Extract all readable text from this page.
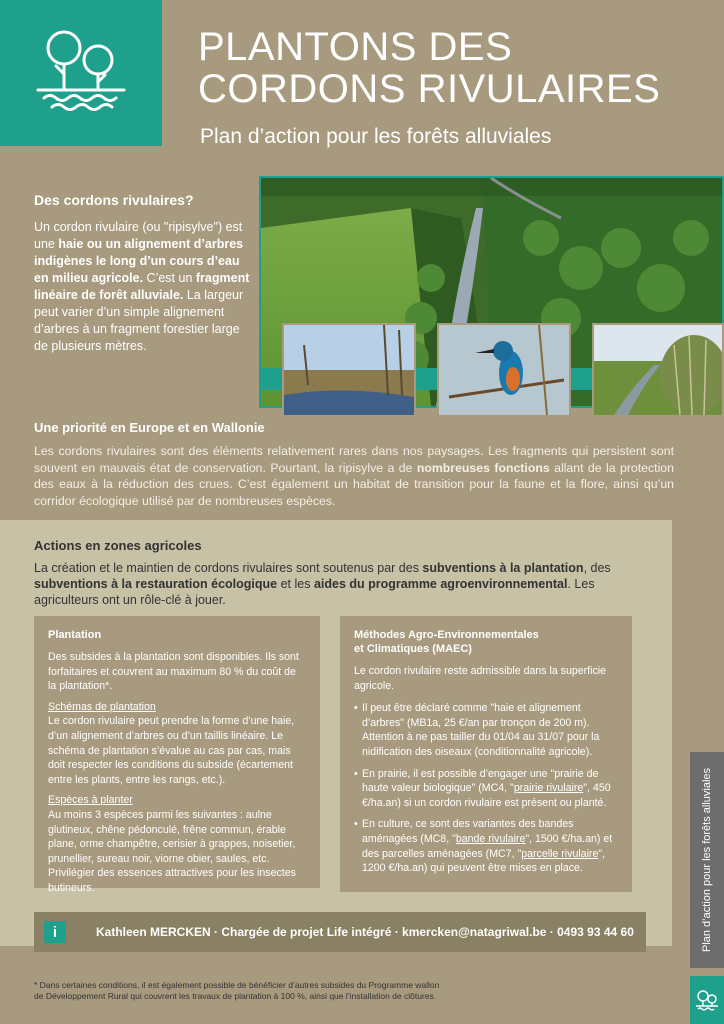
PLANTONS DES
CORDONS RIVULAIRES
Plan d’action pour les forêts alluviales
Des cordons rivulaires?

Un cordon rivulaire (ou "ripisylve") est une haie ou un alignement d’arbres indigènes le long d’un cours d’eau en milieu agricole. C’est un fragment linéaire de forêt alluviale. La largeur peut varier d’un simple alignement d’arbres à un fragment forestier large de plusieurs mètres.

Une priorité en Europe et en Wallonie

Les cordons rivulaires sont des éléments relativement rares dans nos paysages. Les fragments qui persistent sont souvent en mauvais état de conservation. Pourtant, la ripisylve a de nombreuses fonctions allant de la protection des eaux à la réduction des crues. C’est également un habitat de transition pour la faune et la flore, ainsi qu’un corridor écologique utilisé par de nombreuses espèces.

Actions en zones agricoles

La création et le maintien de cordons rivulaires sont soutenus par des subventions à la plantation, des subventions à la restauration écologique et les aides du programme agroenvironnemental. Les agriculteurs ont un rôle-clé à jouer.

Plantation

Des subsides à la plantation sont disponibles. Ils sont forfaitaires et couvrent au maximum 80 % du coût de la plantation*.

Schémas de plantation

Le cordon rivulaire peut prendre la forme d’une haie, d’un alignement d’arbres ou d’un taillis linéaire. Le schéma de plantation s’évalue au cas par cas, mais doit respecter les conditions du subside (écartement entre les plants, entre les rangs, etc.).

Espèces à planter

Au moins 3 espèces parmi les suivantes : aulne glutineux, chêne pédonculé, frêne commun, érable plane, orme champêtre, cerisier à grappes, noisetier, prunellier, sureau noir, viorne obier, saules, etc. Privilégier des essences attractives pour les insectes butineurs.

Méthodes Agro-Environnementales
et Climatiques (MAEC)

Le cordon rivulaire reste admissible dans la superficie agricole.

• Il peut être déclaré comme "haie et alignement d’arbres" (MB1a, 25 €/an par tronçon de 200 m). Attention à ne pas tailler du 01/04 au 31/07 pour la nidification des oiseaux (conditionnalité agricole).
• En prairie, il est possible d’engager une "prairie de haute valeur biologique" (MC4, "prairie rivulaire", 450 €/ha.an) si un cordon rivulaire est présent ou planté.
• En culture, ce sont des variantes des bandes aménagées (MC8, "bande rivulaire", 1500 €/ha.an) et des parcelles aménagées (MC7, "parcelle rivulaire", 1200 €/ha.an) qui peuvent être mises en place.
i	Kathleen MERCKEN · Chargée de projet Life intégré · kmercken@natagriwal.be · 0493 93 44 60
* Dans certaines conditions, il est également possible de bénéficier d’autres subsides du Programme wallon
de Développement Rural qui couvrent les travaux de plantation à 100 %, ainsi que l’installation de clôtures.
Plan d’action pour les forêts alluviales
